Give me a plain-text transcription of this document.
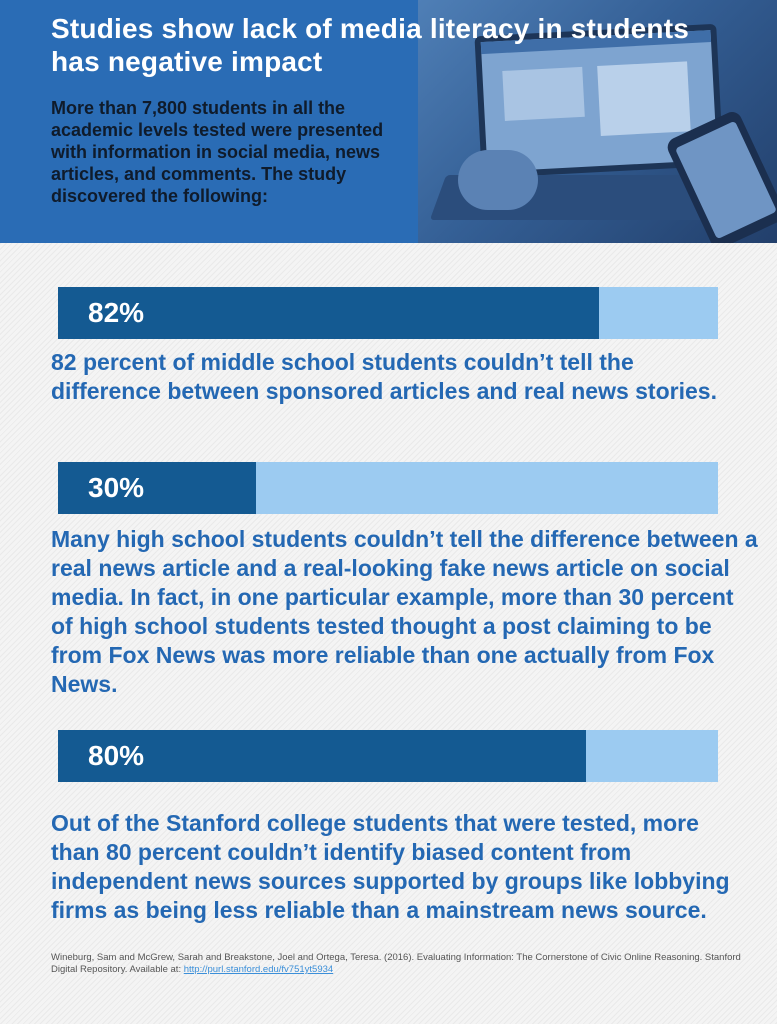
Studies show lack of media literacy in students has negative impact

More than 7,800 students in all the academic levels tested were presented with information in social media, news articles, and comments. The study discovered the following:

82%

82 percent of middle school students couldn’t tell the difference between sponsored articles and real news stories.

30%

Many high school students couldn’t tell the difference between a real news article and a real-looking fake news article on social media. In fact, in one particular example, more than 30 percent of high school students tested thought a post claiming to be from Fox News was more reliable than one actually from Fox News.

80%

Out of the Stanford college students that were tested, more than 80 percent couldn’t identify biased content from independent news sources supported by groups like lobbying firms as being less reliable than a mainstream news source.

Wineburg, Sam and McGrew, Sarah and Breakstone, Joel and Ortega, Teresa. (2016). Evaluating Information: The Cornerstone of Civic Online Reasoning. Stanford Digital Repository. Available at: http://purl.stanford.edu/fv751yt5934
